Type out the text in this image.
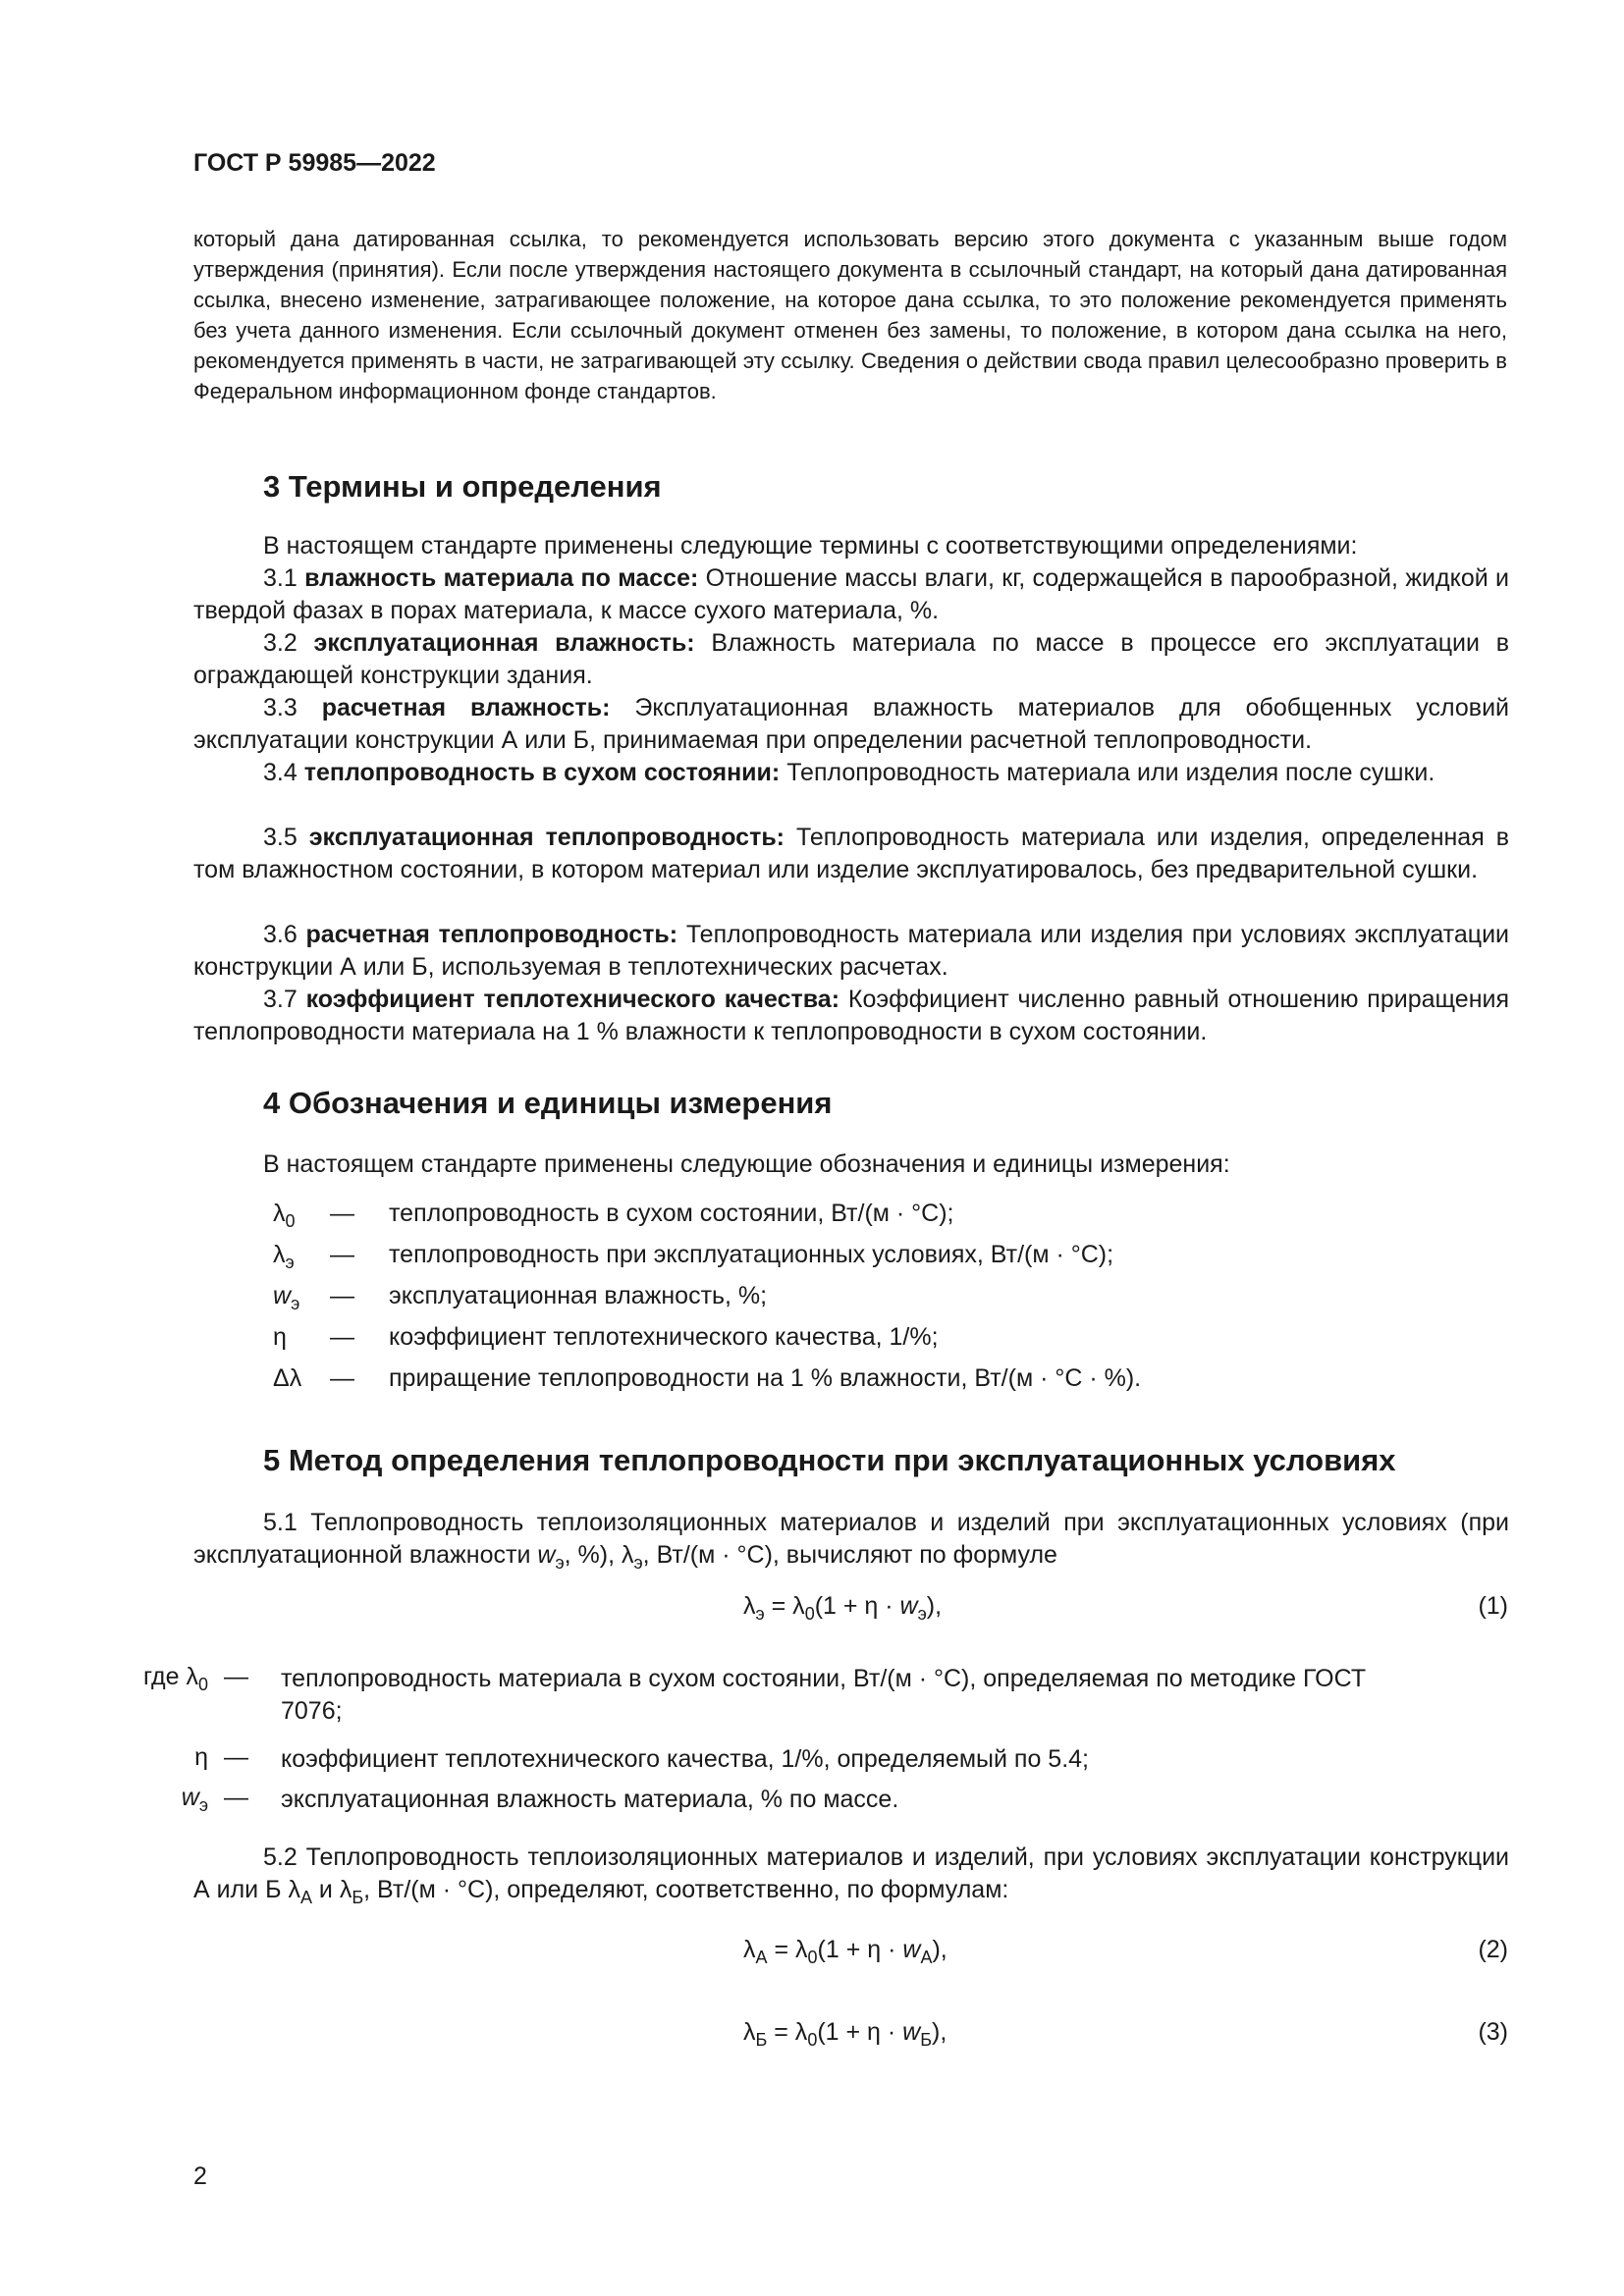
ГОСТ Р 59985—2022
который дана датированная ссылка, то рекомендуется использовать версию этого документа с указанным выше годом утверждения (принятия). Если после утверждения настоящего документа в ссылочный стандарт, на который дана датированная ссылка, внесено изменение, затрагивающее положение, на которое дана ссылка, то это положение рекомендуется применять без учета данного изменения. Если ссылочный документ отменен без замены, то положение, в котором дана ссылка на него, рекомендуется применять в части, не затрагивающей эту ссылку. Сведения о действии свода правил целесообразно проверить в Федеральном информационном фонде стандартов.
3 Термины и определения
В настоящем стандарте применены следующие термины с соответствующими определениями:
3.1 влажность материала по массе: Отношение массы влаги, кг, содержащейся в парообразной, жидкой и твердой фазах в порах материала, к массе сухого материала, %.
3.2 эксплуатационная влажность: Влажность материала по массе в процессе его эксплуатации в ограждающей конструкции здания.
3.3 расчетная влажность: Эксплуатационная влажность материалов для обобщенных условий эксплуатации конструкции А или Б, принимаемая при определении расчетной теплопроводности.
3.4 теплопроводность в сухом состоянии: Теплопроводность материала или изделия после сушки.
3.5 эксплуатационная теплопроводность: Теплопроводность материала или изделия, определенная в том влажностном состоянии, в котором материал или изделие эксплуатировалось, без предварительной сушки.
3.6 расчетная теплопроводность: Теплопроводность материала или изделия при условиях эксплуатации конструкции А или Б, используемая в теплотехнических расчетах.
3.7 коэффициент теплотехнического качества: Коэффициент численно равный отношению приращения теплопроводности материала на 1 % влажности к теплопроводности в сухом состоянии.
4 Обозначения и единицы измерения
В настоящем стандарте применены следующие обозначения и единицы измерения:
$\lambda_0$	— теплопроводность в сухом состоянии, Вт/(м · °С);
$\lambda_э$	— теплопроводность при эксплуатационных условиях, Вт/(м · °С);
$w_э$	— эксплуатационная влажность, %;
η	— коэффициент теплотехнического качества, 1/%;
Δλ	— приращение теплопроводности на 1 % влажности, Вт/(м · °С · %).
5 Метод определения теплопроводности при эксплуатационных условиях
5.1 Теплопроводность теплоизоляционных материалов и изделий при эксплуатационных условиях (при эксплуатационной влажности $w_э$, %), $\lambda_э$, Вт/(м · °С), вычисляют по формуле
$\lambda_э = \lambda_0(1 + \eta \cdot w_э)$,	(1)
где $\lambda_0$ — теплопроводность материала в сухом состоянии, Вт/(м · °С), определяемая по методике ГОСТ 7076;
η — коэффициент теплотехнического качества, 1/%, определяемый по 5.4;
$w_э$ — эксплуатационная влажность материала, % по массе.
5.2 Теплопроводность теплоизоляционных материалов и изделий, при условиях эксплуатации конструкции А или Б $\lambda_А$ и $\lambda_Б$, Вт/(м · °С), определяют, соответственно, по формулам:
$\lambda_А = \lambda_0(1 + \eta \cdot w_А)$,	(2)
$\lambda_Б = \lambda_0(1 + \eta \cdot w_Б)$,	(3)
2
